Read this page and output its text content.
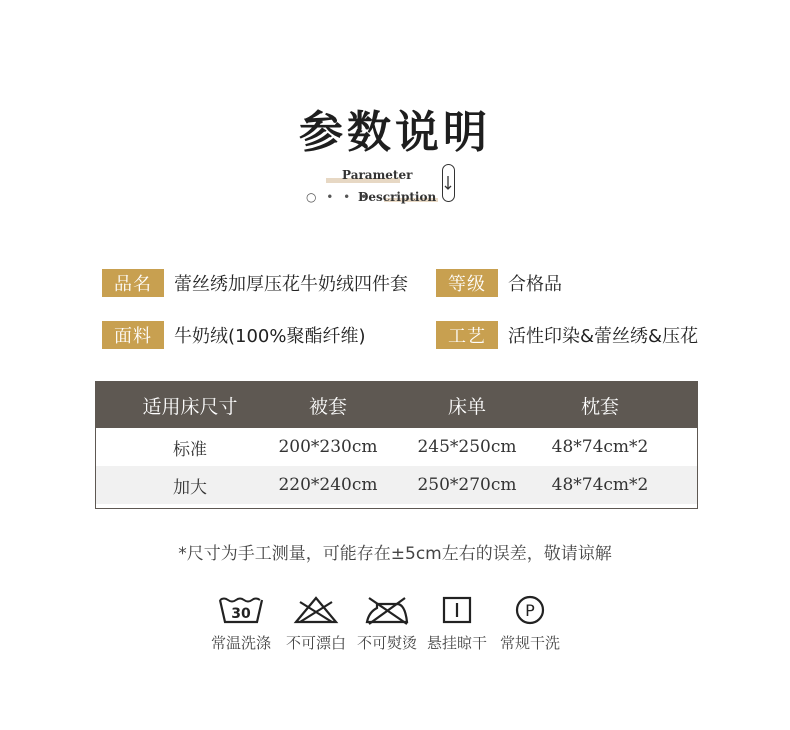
参数说明
Parameter
○ • • •
Description
品名	蕾丝绣加厚压花牛奶绒四件套	等级	合格品
面料	牛奶绒(100%聚酯纤维)	工艺	活性印染&蕾丝绣&压花
适用床尺寸	被套	床单	枕套
标准	200*230cm 245*250cm 48*74cm*2
加大	220*240cm 250*270cm 48*74cm*2
*尺寸为手工测量，可能存在±5cm左右的误差，敬请谅解
30
常温洗涤 不可漂白 不可熨烫 悬挂晾干
P
常规干洗
